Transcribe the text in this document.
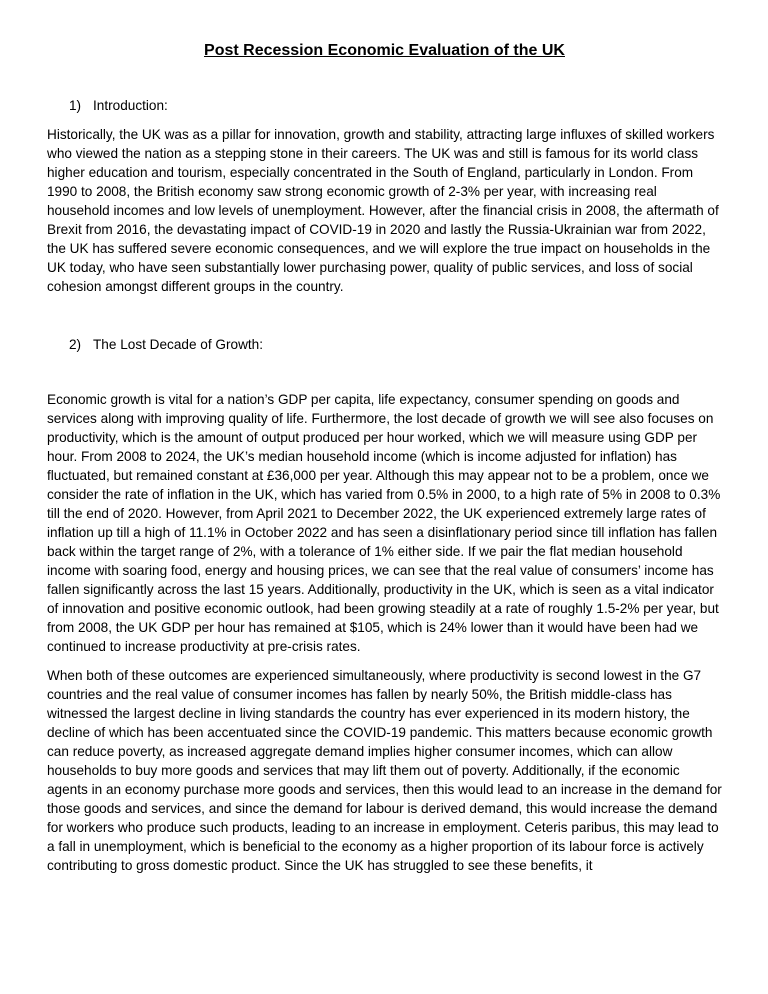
Post Recession Economic Evaluation of the UK
1) Introduction:

Historically, the UK was as a pillar for innovation, growth and stability, attracting large influxes of skilled workers who viewed the nation as a stepping stone in their careers. The UK was and still is famous for its world class higher education and tourism, especially concentrated in the South of England, particularly in London. From 1990 to 2008, the British economy saw strong economic growth of 2-3% per year, with increasing real household incomes and low levels of unemployment. However, after the financial crisis in 2008, the aftermath of Brexit from 2016, the devastating impact of COVID-19 in 2020 and lastly the Russia-Ukrainian war from 2022, the UK has suffered severe economic consequences, and we will explore the true impact on households in the UK today, who have seen substantially lower purchasing power, quality of public services, and loss of social cohesion amongst different groups in the country.

2) The Lost Decade of Growth:

Economic growth is vital for a nation’s GDP per capita, life expectancy, consumer spending on goods and services along with improving quality of life. Furthermore, the lost decade of growth we will see also focuses on productivity, which is the amount of output produced per hour worked, which we will measure using GDP per hour. From 2008 to 2024, the UK’s median household income (which is income adjusted for inflation) has fluctuated, but remained constant at £36,000 per year. Although this may appear not to be a problem, once we consider the rate of inflation in the UK, which has varied from 0.5% in 2000, to a high rate of 5% in 2008 to 0.3% till the end of 2020. However, from April 2021 to December 2022, the UK experienced extremely large rates of inflation up till a high of 11.1% in October 2022 and has seen a disinflationary period since till inflation has fallen back within the target range of 2%, with a tolerance of 1% either side. If we pair the flat median household income with soaring food, energy and housing prices, we can see that the real value of consumers’ income has fallen significantly across the last 15 years. Additionally, productivity in the UK, which is seen as a vital indicator of innovation and positive economic outlook, had been growing steadily at a rate of roughly 1.5-2% per year, but from 2008, the UK GDP per hour has remained at $105, which is 24% lower than it would have been had we continued to increase productivity at pre-crisis rates.

When both of these outcomes are experienced simultaneously, where productivity is second lowest in the G7 countries and the real value of consumer incomes has fallen by nearly 50%, the British middle-class has witnessed the largest decline in living standards the country has ever experienced in its modern history, the decline of which has been accentuated since the COVID-19 pandemic. This matters because economic growth can reduce poverty, as increased aggregate demand implies higher consumer incomes, which can allow households to buy more goods and services that may lift them out of poverty. Additionally, if the economic agents in an economy purchase more goods and services, then this would lead to an increase in the demand for those goods and services, and since the demand for labour is derived demand, this would increase the demand for workers who produce such products, leading to an increase in employment. Ceteris paribus, this may lead to a fall in unemployment, which is beneficial to the economy as a higher proportion of its labour force is actively contributing to gross domestic product. Since the UK has struggled to see these benefits, it
